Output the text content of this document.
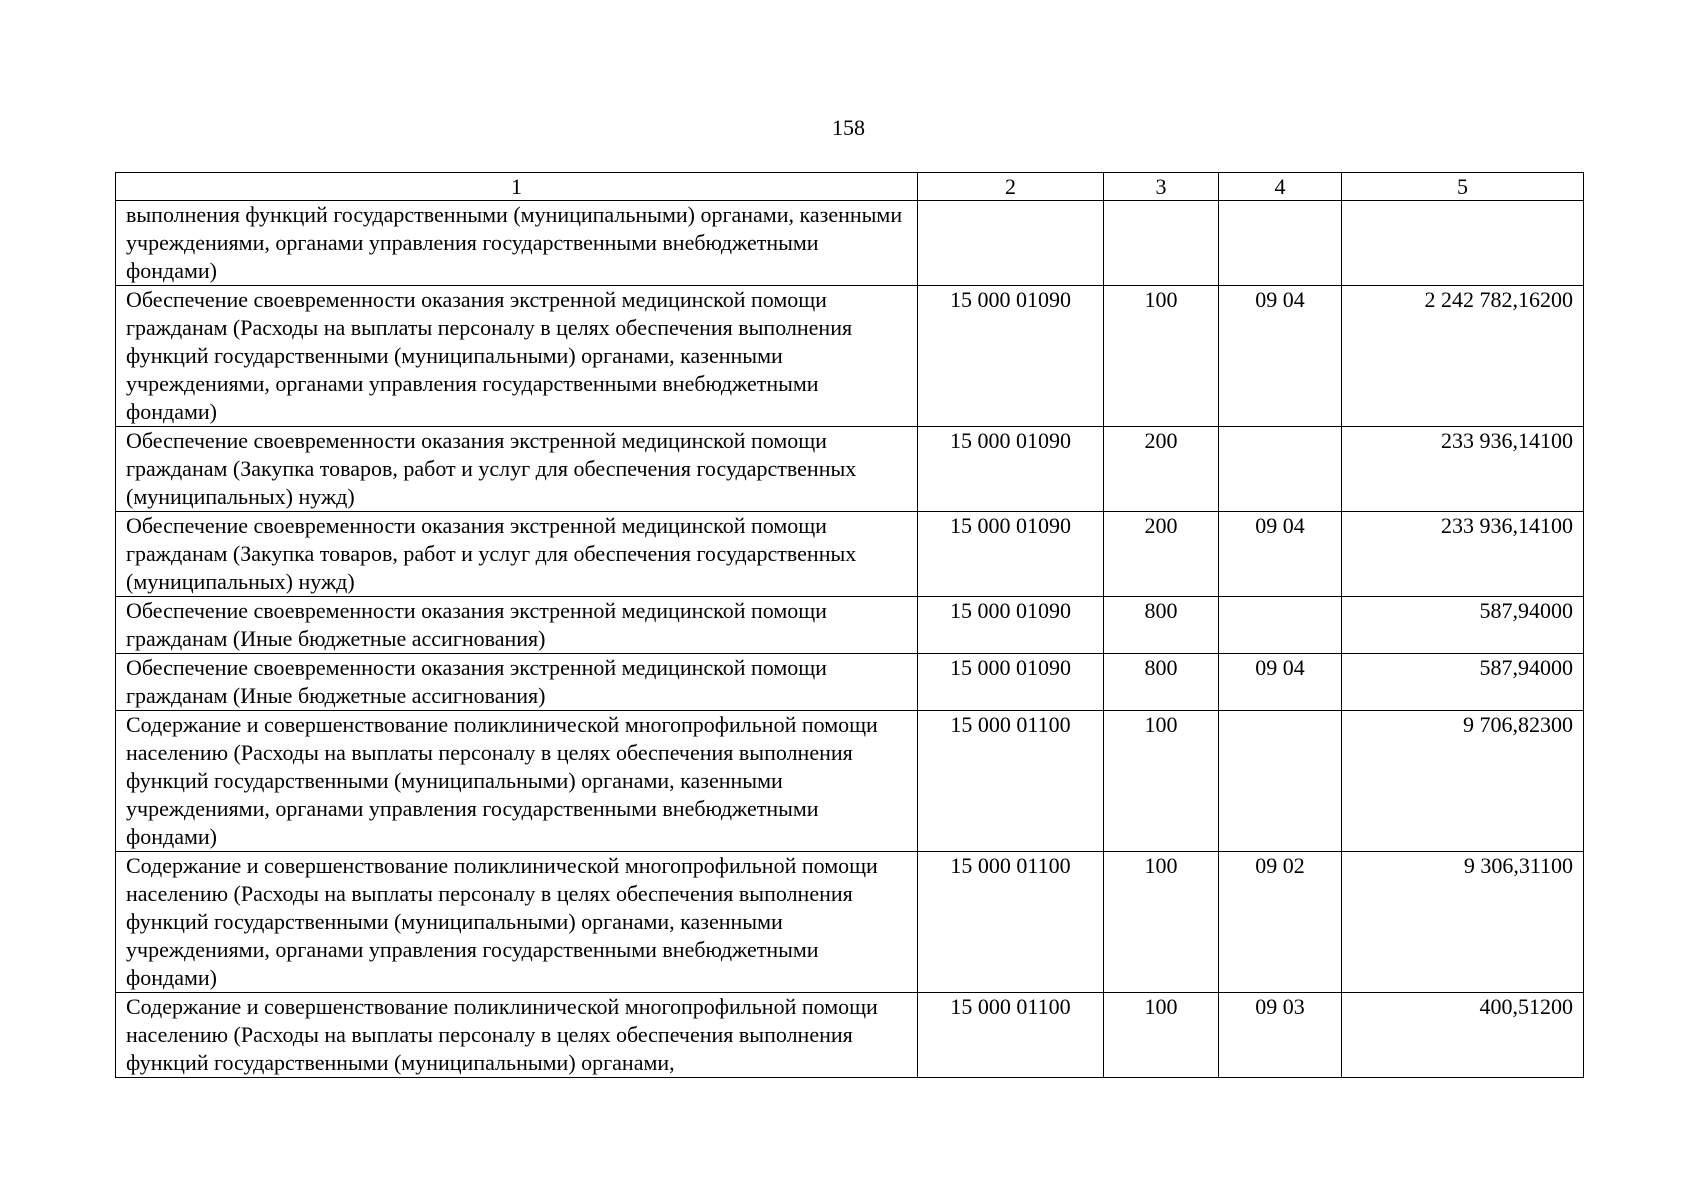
158
1	2	3	4	5
выполнения функций государственными (муниципальными) органами, казенными учреждениями, органами управления государственными внебюджетными фондами)				
Обеспечение своевременности оказания экстренной медицинской помощи гражданам (Расходы на выплаты персоналу в целях обеспечения выполнения функций государственными (муниципальными) органами, казенными учреждениями, органами управления государственными внебюджетными фондами)	15 000 01090	100	09 04	2 242 782,16200
Обеспечение своевременности оказания экстренной медицинской помощи гражданам (Закупка товаров, работ и услуг для обеспечения государственных (муниципальных) нужд)	15 000 01090	200		233 936,14100
Обеспечение своевременности оказания экстренной медицинской помощи гражданам (Закупка товаров, работ и услуг для обеспечения государственных (муниципальных) нужд)	15 000 01090	200	09 04	233 936,14100
Обеспечение своевременности оказания экстренной медицинской помощи гражданам (Иные бюджетные ассигнования)	15 000 01090	800		587,94000
Обеспечение своевременности оказания экстренной медицинской помощи гражданам (Иные бюджетные ассигнования)	15 000 01090	800	09 04	587,94000
Содержание и совершенствование поликлинической многопрофильной помощи населению (Расходы на выплаты персоналу в целях обеспечения выполнения функций государственными (муниципальными) органами, казенными учреждениями, органами управления государственными внебюджетными фондами)	15 000 01100	100		9 706,82300
Содержание и совершенствование поликлинической многопрофильной помощи населению (Расходы на выплаты персоналу в целях обеспечения выполнения функций государственными (муниципальными) органами, казенными учреждениями, органами управления государственными внебюджетными фондами)	15 000 01100	100	09 02	9 306,31100
Содержание и совершенствование поликлинической многопрофильной помощи населению (Расходы на выплаты персоналу в целях обеспечения выполнения функций государственными (муниципальными) органами,	15 000 01100	100	09 03	400,51200
